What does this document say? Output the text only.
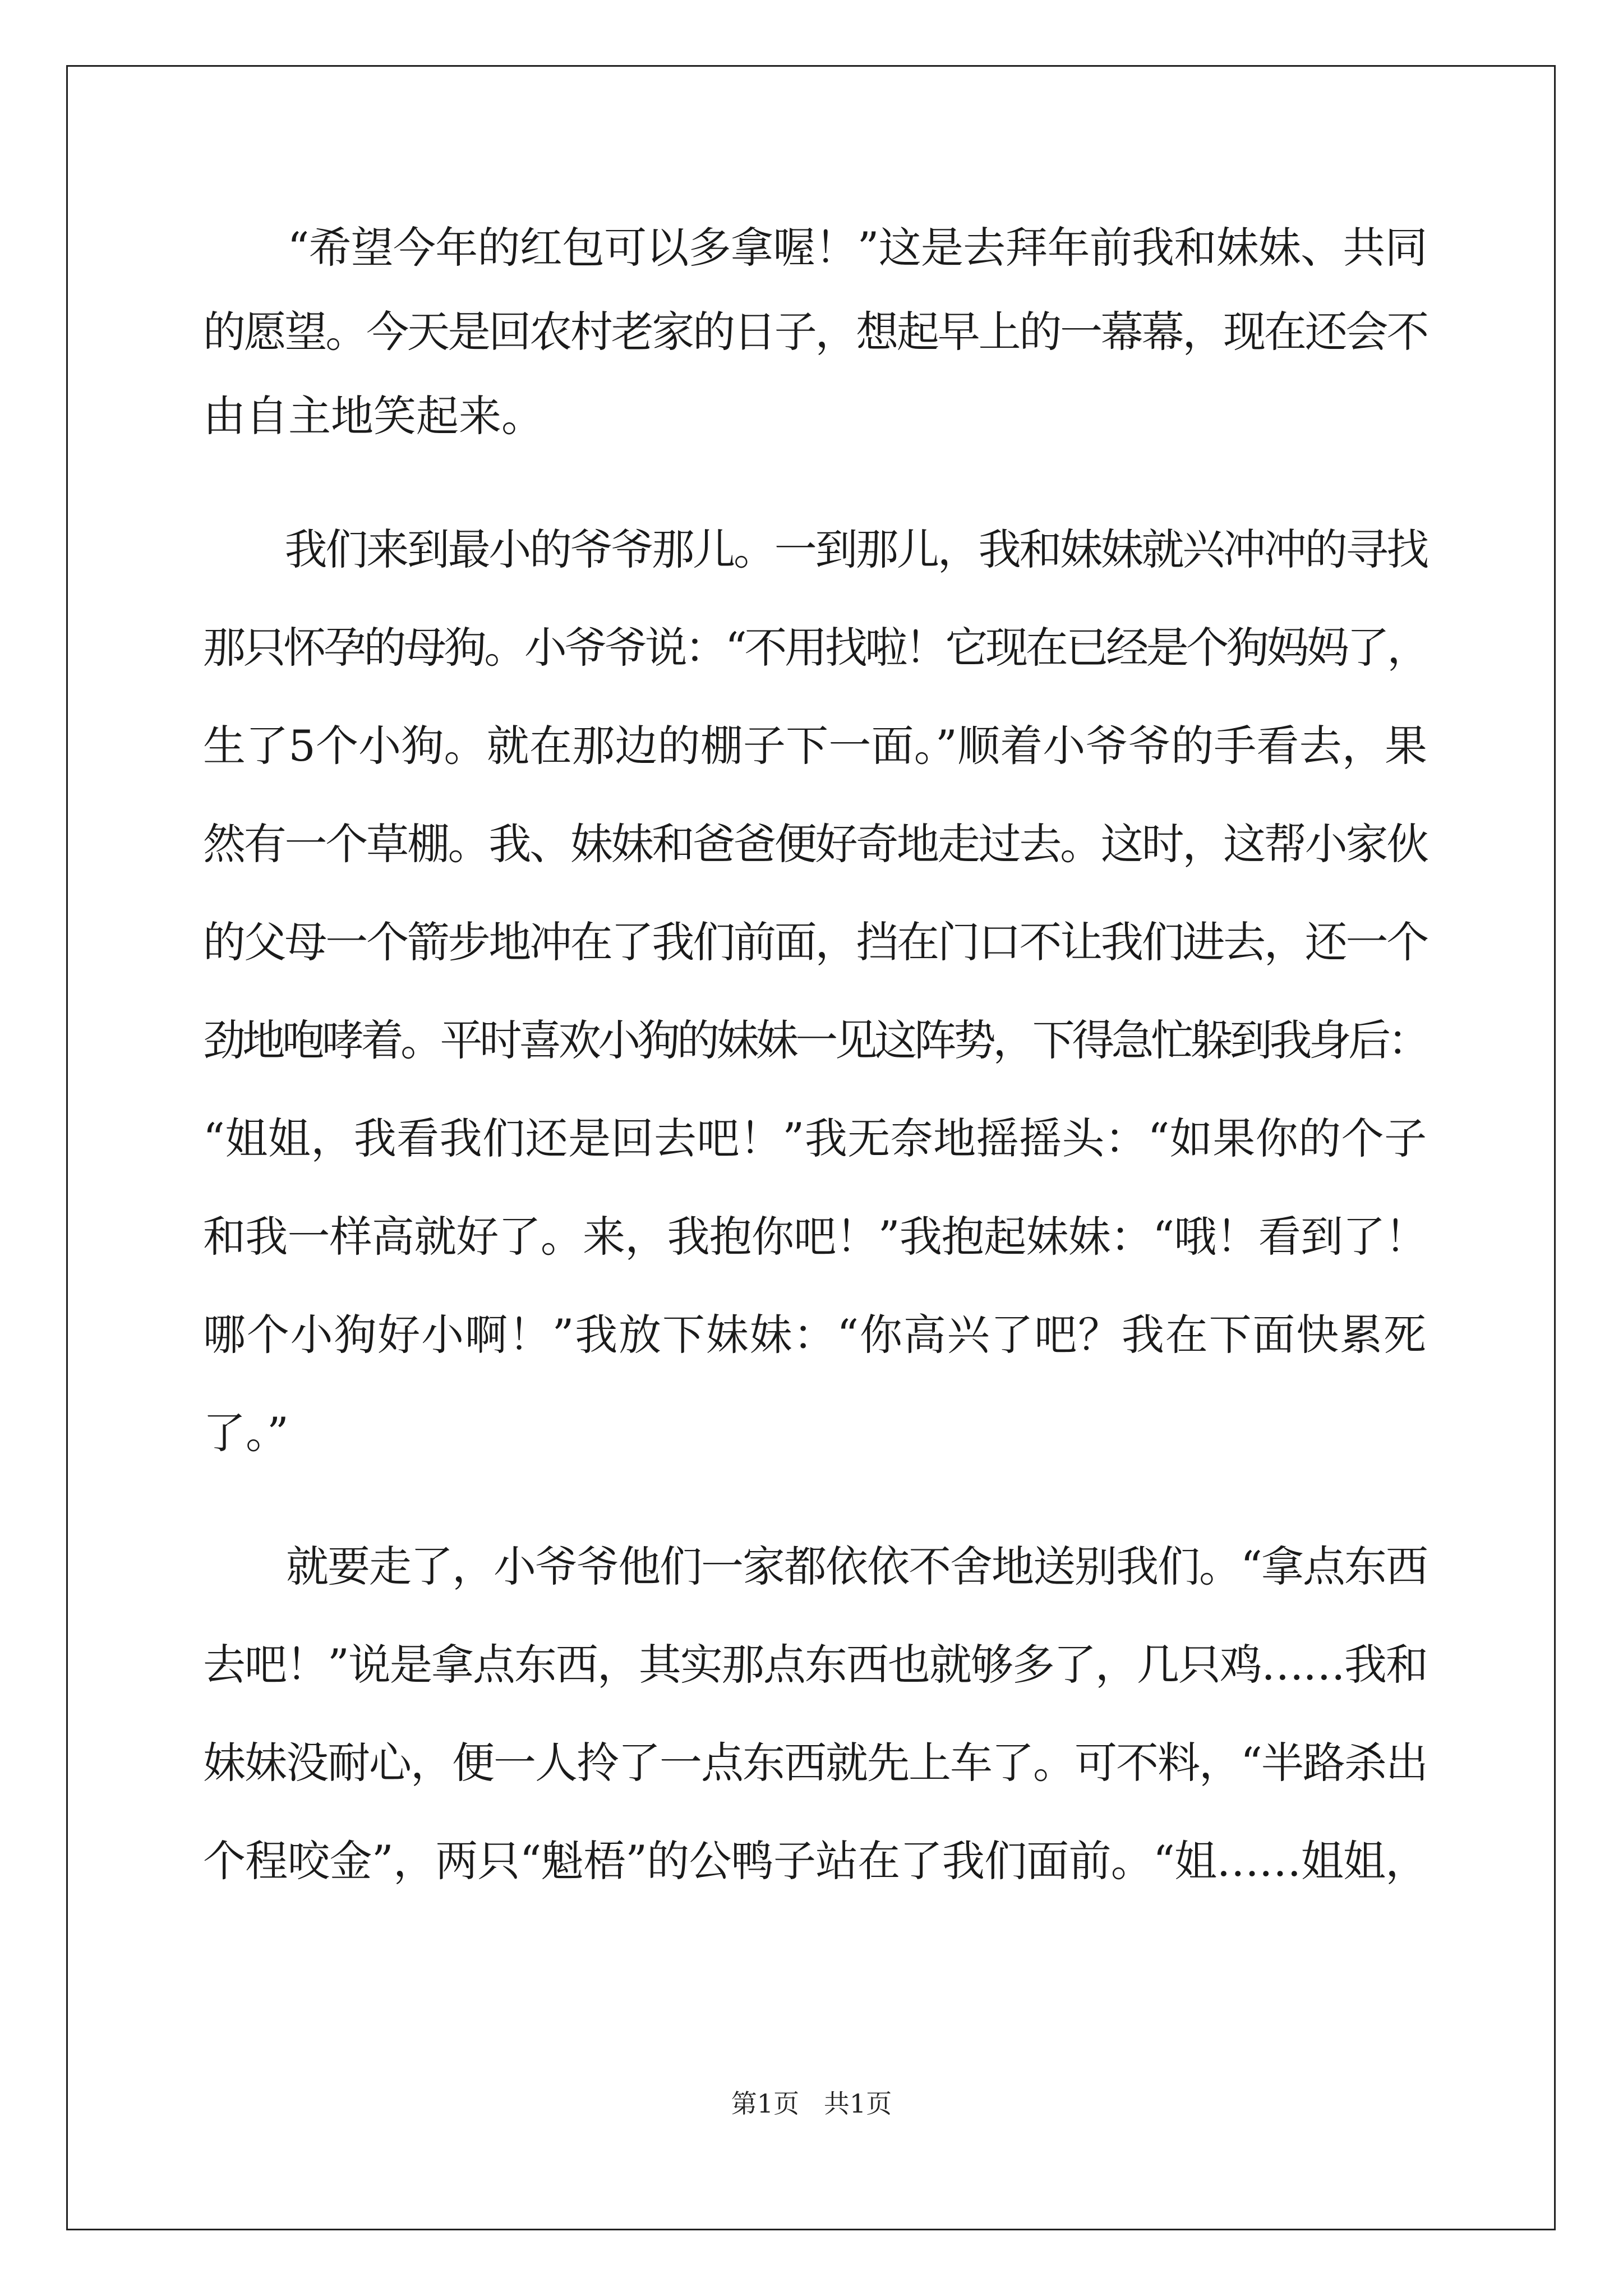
　　“希望今年的红包可以多拿喔！”这是去拜年前我和妹妹、共同

的愿望。今天是回农村老家的日子，想起早上的一幕幕，现在还会不

由自主地笑起来。

　　我们来到最小的爷爷那儿。一到那儿，我和妹妹就兴冲冲的寻找

那只怀孕的母狗。小爷爷说：“不用找啦！它现在已经是个狗妈妈了，

生了5个小狗。就在那边的棚子下一面。”顺着小爷爷的手看去，果

然有一个草棚。我、妹妹和爸爸便好奇地走过去。这时，这帮小家伙

的父母一个箭步地冲在了我们前面，挡在门口不让我们进去，还一个

劲地咆哮着。平时喜欢小狗的妹妹一见这阵势，下得急忙躲到我身后：

“姐姐，我看我们还是回去吧！”我无奈地摇摇头：“如果你的个子

和我一样高就好了。来，我抱你吧！”我抱起妹妹：“哦！看到了！

哪个小狗好小啊！”我放下妹妹：“你高兴了吧？我在下面快累死

了。”

　　就要走了，小爷爷他们一家都依依不舍地送别我们。“拿点东西

去吧！”说是拿点东西，其实那点东西也就够多了，几只鸡……我和

妹妹没耐心，便一人拎了一点东西就先上车了。可不料，“半路杀出

个程咬金”，两只“魁梧”的公鸭子站在了我们面前。“姐……姐姐，

第1页   共1页
